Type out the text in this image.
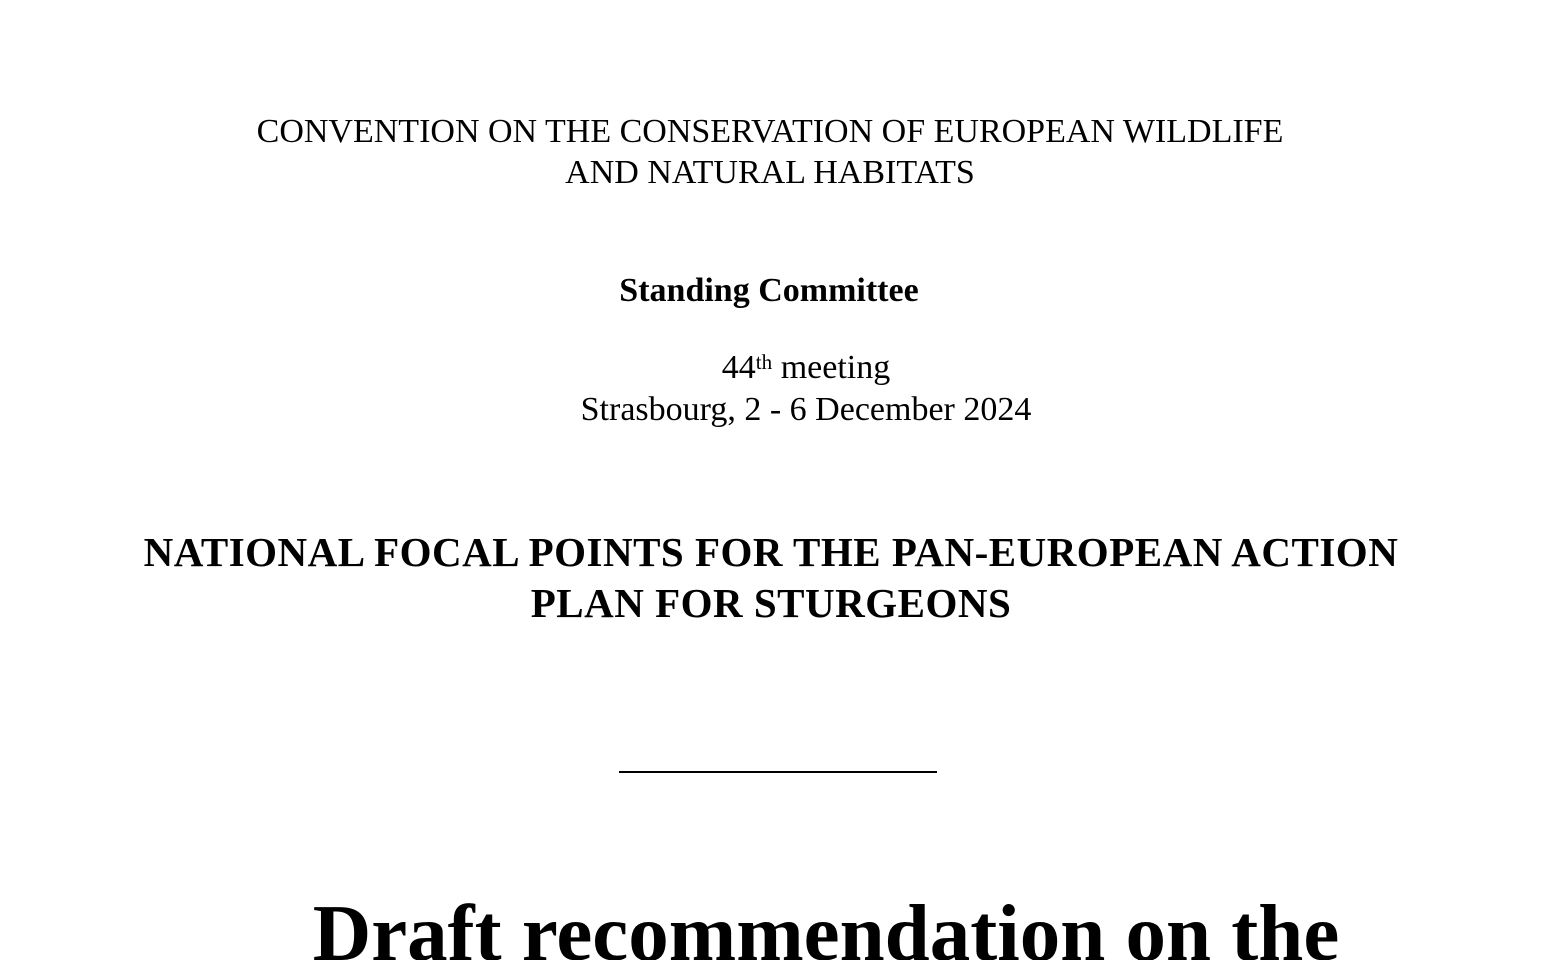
CONVENTION ON THE CONSERVATION OF EUROPEAN WILDLIFE
AND NATURAL HABITATS
Standing Committee
44th meeting
Strasbourg, 2 - 6 December 2024
NATIONAL FOCAL POINTS FOR THE PAN-EUROPEAN ACTION
PLAN FOR STURGEONS
Draft recommendation on the
